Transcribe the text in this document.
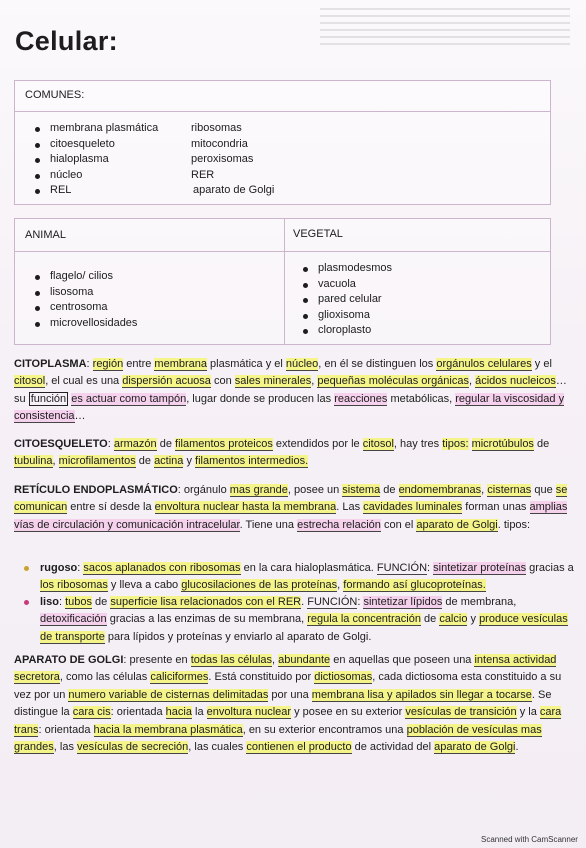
Celular:
COMUNES:
membrana plasmática
citoesqueleto
hialoplasma
núcleo
REL
ribosomas
mitocondria
peroxisomas
RER
aparato de Golgi
ANIMAL	VEGETAL
flagelo/ cilios
lisosoma
centrosoma
microvellosidades
plasmodesmos
vacuola
pared celular
glioxisoma
cloroplasto

CITOPLASMA: región entre membrana plasmática y el núcleo, en él se distinguen los orgánulos celulares y el citosol, el cual es una dispersión acuosa con sales minerales, pequeñas moléculas orgánicas, ácidos nucleicos… su función es actuar como tampón, lugar donde se producen las reacciones metabólicas, regular la viscosidad y consistencia…

CITOESQUELETO: armazón de filamentos proteicos extendidos por le citosol, hay tres tipos: microtúbulos de tubulina, microfilamentos de actina y filamentos intermedios.

RETÍCULO ENDOPLASMÁTICO: orgánulo mas grande, posee un sistema de endomembranas, cisternas que se comunican entre sí desde la envoltura nuclear hasta la membrana. Las cavidades luminales forman unas amplias vías de circulación y comunicación intracelular. Tiene una estrecha relación con el aparato de Golgi. tipos:

rugoso: sacos aplanados con ribosomas en la cara hialoplasmática. FUNCIÓN: sintetizar proteínas gracias a los ribosomas y lleva a cabo glucosilaciones de las proteínas, formando así glucoproteínas.

liso: tubos de superficie lisa relacionados con el RER. FUNCIÓN: sintetizar lípidos de membrana, detoxificación gracias a las enzimas de su membrana, regula la concentración de calcio y produce vesículas de transporte para lípidos y proteínas y enviarlo al aparato de Golgi.

APARATO DE GOLGI: presente en todas las células, abundante en aquellas que poseen una intensa actividad secretora, como las células caliciformes. Está constituido por dictiosomas, cada dictiosoma esta constituido a su vez por un numero variable de cisternas delimitadas por una membrana lisa y apilados sin llegar a tocarse. Se distingue la cara cis: orientada hacia la envoltura nuclear y posee en su exterior vesículas de transición y la cara trans: orientada hacia la membrana plasmática, en su exterior encontramos una población de vesículas mas grandes, las vesículas de secreción, las cuales contienen el producto de actividad del aparato de Golgi.

Scanned with CamScanner
